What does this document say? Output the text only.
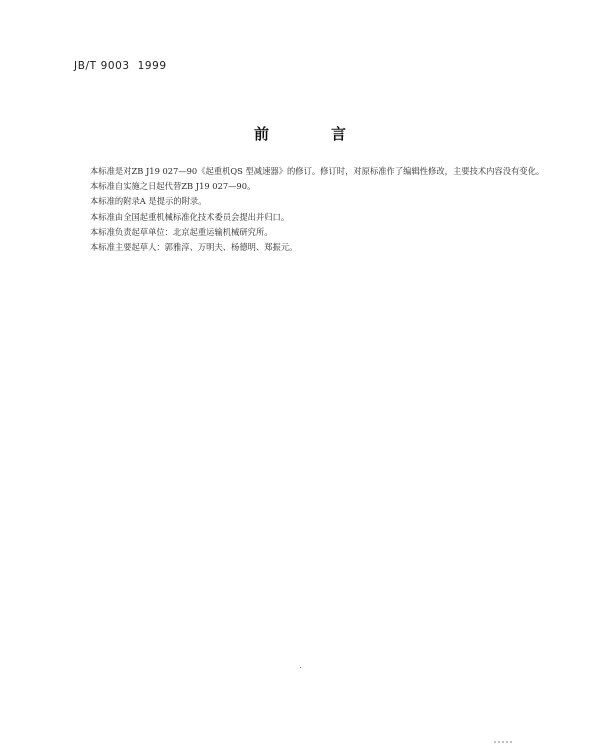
JB/T 9003  1999
前言

本标准是对ZB J19 027—90《起重机QS 型减速器》的修订。修订时，对原标准作了编辑性修改，主要技术内容没有变化。

本标准自实施之日起代替ZB J19 027—90。

本标准的附录A 是提示的附录。

本标准由全国起重机械标准化技术委员会提出并归口。

本标准负责起草单位：北京起重运输机械研究所。

本标准主要起草人：郭雅淳、万明夫、杨德明、郑振元。
